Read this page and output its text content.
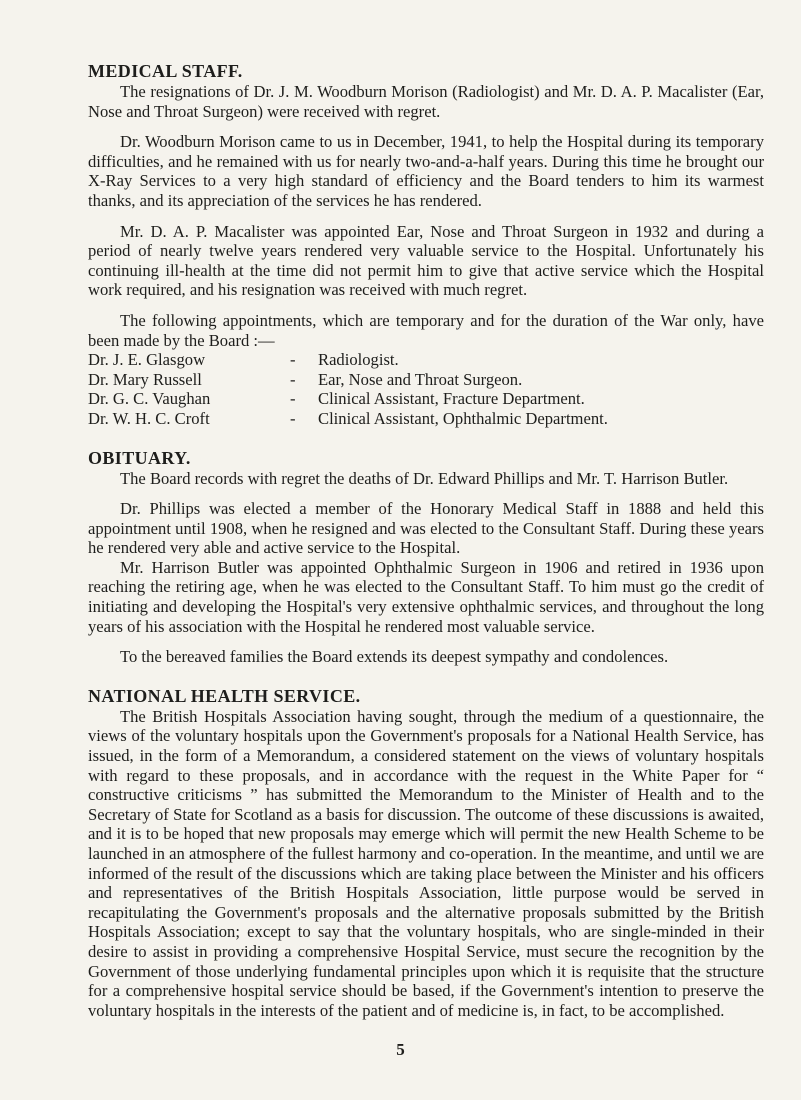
MEDICAL STAFF.

The resignations of Dr. J. M. Woodburn Morison (Radiologist) and Mr. D. A. P. Macalister (Ear, Nose and Throat Surgeon) were received with regret.

Dr. Woodburn Morison came to us in December, 1941, to help the Hospital during its temporary difficulties, and he remained with us for nearly two-and-a-half years. During this time he brought our X-Ray Services to a very high standard of efficiency and the Board tenders to him its warmest thanks, and its appreciation of the services he has rendered.

Mr. D. A. P. Macalister was appointed Ear, Nose and Throat Surgeon in 1932 and during a period of nearly twelve years rendered very valuable service to the Hospital. Unfortunately his continuing ill-health at the time did not permit him to give that active service which the Hospital work required, and his resignation was received with much regret.

The following appointments, which are temporary and for the duration of the War only, have been made by the Board :—

Dr. J. E. Glasgow	-	Radiologist.
Dr. Mary Russell	-	Ear, Nose and Throat Surgeon.
Dr. G. C. Vaughan	-	Clinical Assistant, Fracture Department.
Dr. W. H. C. Croft	-	Clinical Assistant, Ophthalmic Department.
OBITUARY.

The Board records with regret the deaths of Dr. Edward Phillips and Mr. T. Harrison Butler.

Dr. Phillips was elected a member of the Honorary Medical Staff in 1888 and held this appointment until 1908, when he resigned and was elected to the Consultant Staff. During these years he rendered very able and active service to the Hospital.

Mr. Harrison Butler was appointed Ophthalmic Surgeon in 1906 and retired in 1936 upon reaching the retiring age, when he was elected to the Consultant Staff. To him must go the credit of initiating and developing the Hospital's very extensive ophthalmic services, and throughout the long years of his association with the Hospital he rendered most valuable service.

To the bereaved families the Board extends its deepest sympathy and condolences.

NATIONAL HEALTH SERVICE.

The British Hospitals Association having sought, through the medium of a questionnaire, the views of the voluntary hospitals upon the Government's proposals for a National Health Service, has issued, in the form of a Memorandum, a considered statement on the views of voluntary hospitals with regard to these proposals, and in accordance with the request in the White Paper for “ constructive criticisms ” has submitted the Memorandum to the Minister of Health and to the Secretary of State for Scotland as a basis for discussion. The outcome of these discussions is awaited, and it is to be hoped that new proposals may emerge which will permit the new Health Scheme to be launched in an atmosphere of the fullest harmony and co-operation. In the meantime, and until we are informed of the result of the discussions which are taking place between the Minister and his officers and representatives of the British Hospitals Association, little purpose would be served in recapitulating the Government's proposals and the alternative proposals submitted by the British Hospitals Association; except to say that the voluntary hospitals, who are single-minded in their desire to assist in providing a comprehensive Hospital Service, must secure the recognition by the Government of those underlying fundamental principles upon which it is requisite that the structure for a comprehensive hospital service should be based, if the Government's intention to preserve the voluntary hospitals in the interests of the patient and of medicine is, in fact, to be accomplished.

5
